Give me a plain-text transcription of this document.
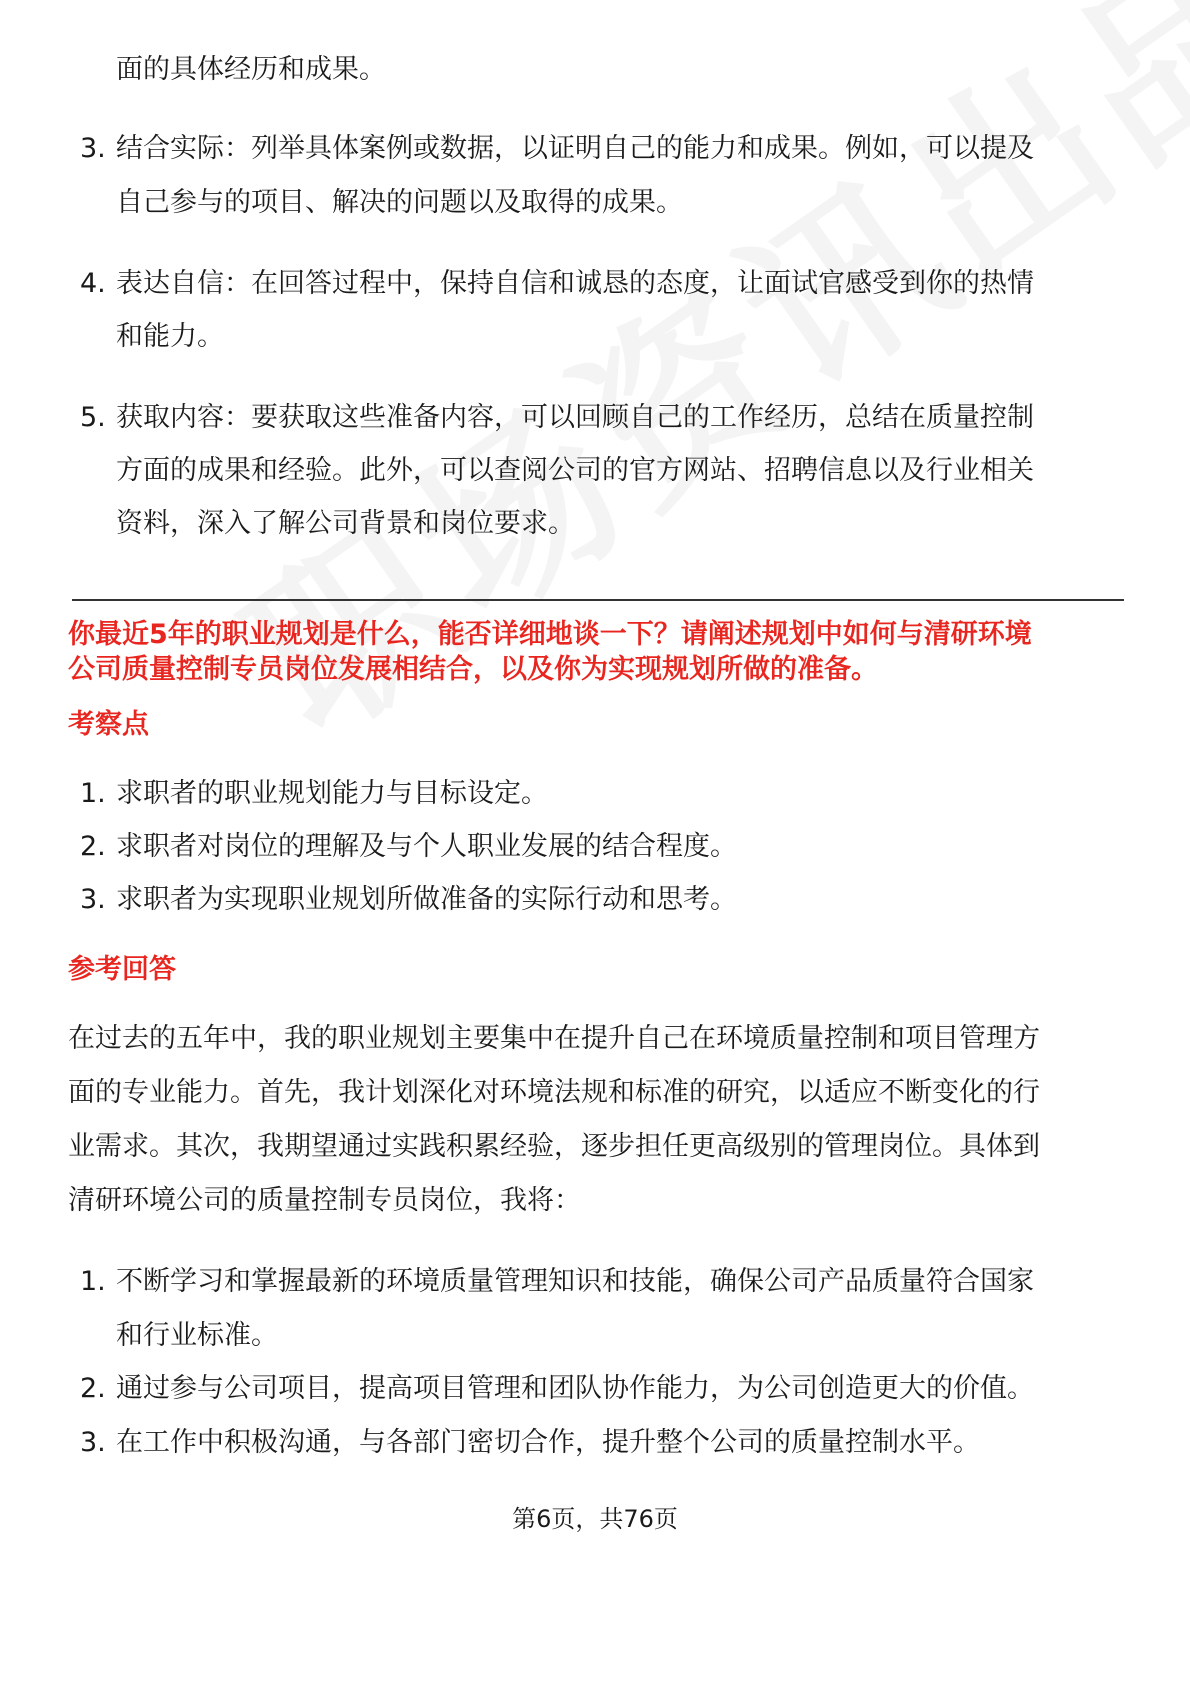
面的具体经历和成果。
3. 结合实际：列举具体案例或数据，以证明自己的能力和成果。例如，可以提及
自己参与的项目、解决的问题以及取得的成果。
4. 表达自信：在回答过程中，保持自信和诚恳的态度，让面试官感受到你的热情
和能力。
5. 获取内容：要获取这些准备内容，可以回顾自己的工作经历，总结在质量控制
方面的成果和经验。此外，可以查阅公司的官方网站、招聘信息以及行业相关
资料，深入了解公司背景和岗位要求。
你最近5年的职业规划是什么，能否详细地谈一下？请阐述规划中如何与清研环境
公司质量控制专员岗位发展相结合，以及你为实现规划所做的准备。
考察点
1. 求职者的职业规划能力与目标设定。
2. 求职者对岗位的理解及与个人职业发展的结合程度。
3. 求职者为实现职业规划所做准备的实际行动和思考。
参考回答
在过去的五年中，我的职业规划主要集中在提升自己在环境质量控制和项目管理方
面的专业能力。首先，我计划深化对环境法规和标准的研究，以适应不断变化的行
业需求。其次，我期望通过实践积累经验，逐步担任更高级别的管理岗位。具体到
清研环境公司的质量控制专员岗位，我将：
1. 不断学习和掌握最新的环境质量管理知识和技能，确保公司产品质量符合国家
和行业标准。
2. 通过参与公司项目，提高项目管理和团队协作能力，为公司创造更大的价值。
3. 在工作中积极沟通，与各部门密切合作，提升整个公司的质量控制水平。
第6页，共76页
